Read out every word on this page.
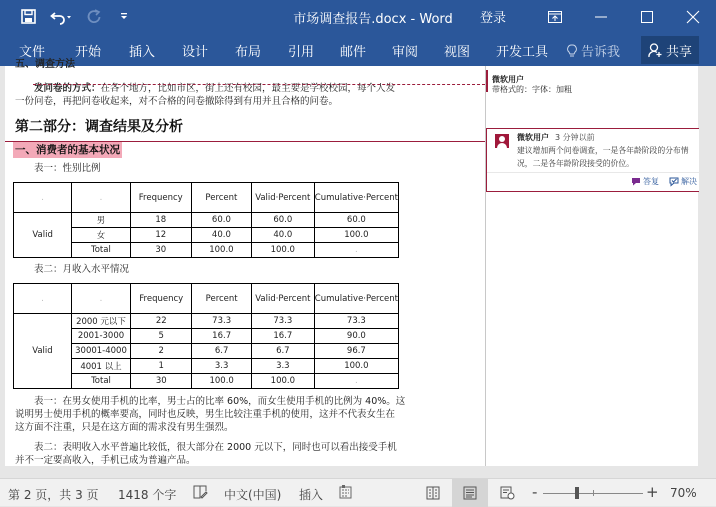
市场调查报告.docx - Word	登录
文件 开始 插入 设计 布局 引用 邮件 审阅 视图 开发工具	告诉我	共享
五、调查方法
发问卷的方式：在各个地方，比如市区，街上还有校园，最主要是学校校园，每个人发
一份问卷，再把问卷收起来，对不合格的问卷撤除得到有用并且合格的问卷。
第二部分：调查结果及分析
一、消费者的基本状况
表一：性别比例
.	.	Frequency	Percent	Valid·Percent	Cumulative·Percent
Valid	男	18	60.0	60.0	60.0
	女	12	40.0	40.0	100.0
	Total	30	100.0	100.0	.
表二：月收入水平情况
.	.	Frequency	Percent	Valid·Percent	Cumulative·Percent
Valid	2000 元以下	22	73.3	73.3	73.3
	2001-3000	5	16.7	16.7	90.0
	30001-4000	2	6.7	6.7	96.7
	4001 以上	1	3.3	3.3	100.0
	Total	30	100.0	100.0	.
表一：在男女使用手机的比率，男士占的比率 60%，而女生使用手机的比例为 40%。这
说明男士使用手机的概率要高，同时也反映，男生比较注重手机的使用，这并不代表女生在
这方面不注重，只是在这方面的需求没有男生强烈。
表二：表明收入水平普遍比较低，很大部分在 2000 元以下，同时也可以看出接受手机
并不一定要高收入，手机已成为普遍产品。
微软用户
带格式的：字体：加粗
微软用户 3 分钟以前
建议增加两个问卷调查，一是各年龄阶段的分布情况，二是各年龄阶段接受的价位。
答复	解决
第 2 页，共 3 页 1418 个字	中文(中国) 插入	-	+ 70%
